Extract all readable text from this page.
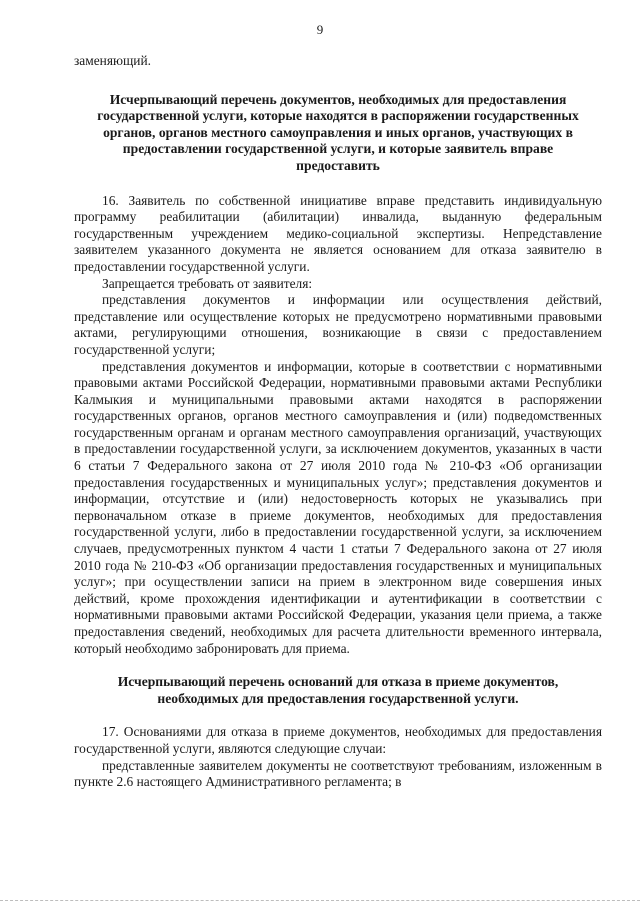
9

заменяющий.

Исчерпывающий перечень документов, необходимых для предоставления государственной услуги, которые находятся в распоряжении государственных органов, органов местного самоуправления и иных органов, участвующих в предоставлении государственной услуги, и которые заявитель вправе предоставить

16. Заявитель по собственной инициативе вправе представить индивидуальную программу реабилитации (абилитации) инвалида, выданную федеральным государственным учреждением медико-социальной экспертизы. Непредставление заявителем указанного документа не является основанием для отказа заявителю в предоставлении государственной услуги.

Запрещается требовать от заявителя:

представления документов и информации или осуществления действий, представление или осуществление которых не предусмотрено нормативными правовыми актами, регулирующими отношения, возникающие в связи с предоставлением государственной услуги;

представления документов и информации, которые в соответствии с нормативными правовыми актами Российской Федерации, нормативными правовыми актами Республики Калмыкия и муниципальными правовыми актами находятся в распоряжении государственных органов, органов местного самоуправления и (или) подведомственных государственным органам и органам местного самоуправления организаций, участвующих в предоставлении государственной услуги, за исключением документов, указанных в части 6 статьи 7 Федерального закона от 27 июля 2010 года № 210-ФЗ «Об организации предоставления государственных и муниципальных услуг»; представления документов и информации, отсутствие и (или) недостоверность которых не указывались при первоначальном отказе в приеме документов, необходимых для предоставления государственной услуги, либо в предоставлении государственной услуги, за исключением случаев, предусмотренных пунктом 4 части 1 статьи 7 Федерального закона от 27 июля 2010 года № 210-ФЗ «Об организации предоставления государственных и муниципальных услуг»; при осуществлении записи на прием в электронном виде совершения иных действий, кроме прохождения идентификации и аутентификации в соответствии с нормативными правовыми актами Российской Федерации, указания цели приема, а также предоставления сведений, необходимых для расчета длительности временного интервала, который необходимо забронировать для приема.

Исчерпывающий перечень оснований для отказа в приеме документов, необходимых для предоставления государственной услуги.

17. Основаниями для отказа в приеме документов, необходимых для предоставления государственной услуги, являются следующие случаи:

представленные заявителем документы не соответствуют требованиям, изложенным в пункте 2.6 настоящего Административного регламента; в
